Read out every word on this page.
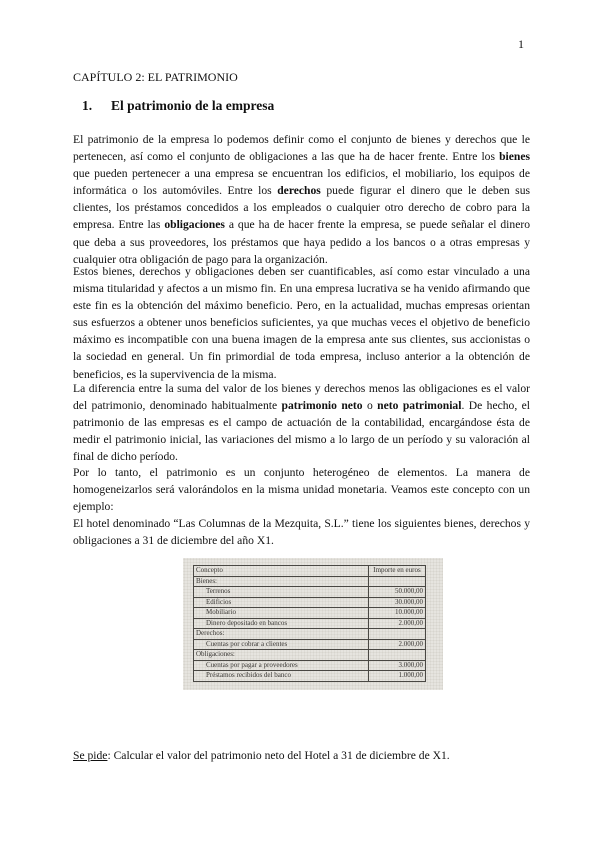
1
CAPÍTULO 2: EL PATRIMONIO
1. El patrimonio de la empresa

El patrimonio de la empresa lo podemos definir como el conjunto de bienes y derechos que le pertenecen, así como el conjunto de obligaciones a las que ha de hacer frente. Entre los bienes que pueden pertenecer a una empresa se encuentran los edificios, el mobiliario, los equipos de informática o los automóviles. Entre los derechos puede figurar el dinero que le deben sus clientes, los préstamos concedidos a los empleados o cualquier otro derecho de cobro para la empresa. Entre las obligaciones a que ha de hacer frente la empresa, se puede señalar el dinero que deba a sus proveedores, los préstamos que haya pedido a los bancos o a otras empresas y cualquier otra obligación de pago para la organización.

Estos bienes, derechos y obligaciones deben ser cuantificables, así como estar vinculado a una misma titularidad y afectos a un mismo fin. En una empresa lucrativa se ha venido afirmando que este fin es la obtención del máximo beneficio. Pero, en la actualidad, muchas empresas orientan sus esfuerzos a obtener unos beneficios suficientes, ya que muchas veces el objetivo de beneficio máximo es incompatible con una buena imagen de la empresa ante sus clientes, sus accionistas o la sociedad en general. Un fin primordial de toda empresa, incluso anterior a la obtención de beneficios, es la supervivencia de la misma.

La diferencia entre la suma del valor de los bienes y derechos menos las obligaciones es el valor del patrimonio, denominado habitualmente patrimonio neto o neto patrimonial. De hecho, el patrimonio de las empresas es el campo de actuación de la contabilidad, encargándose ésta de medir el patrimonio inicial, las variaciones del mismo a lo largo de un período y su valoración al final de dicho período.

Por lo tanto, el patrimonio es un conjunto heterogéneo de elementos. La manera de homogeneizarlos será valorándolos en la misma unidad monetaria. Veamos este concepto con un ejemplo:

El hotel denominado “Las Columnas de la Mezquita, S.L.” tiene los siguientes bienes, derechos y obligaciones a 31 de diciembre del año X1.

Concepto	Importe en euros
Bienes:	
Terrenos	50.000,00
Edificios	30.000,00
Mobiliario	10.000,00
Dinero depositado en bancos	2.000,00
Derechos:	
Cuentas por cobrar a clientes	2.000,00
Obligaciones:	
Cuentas por pagar a proveedores	3.000,00
Préstamos recibidos del banco	1.000,00
Se pide: Calcular el valor del patrimonio neto del Hotel a 31 de diciembre de X1.
